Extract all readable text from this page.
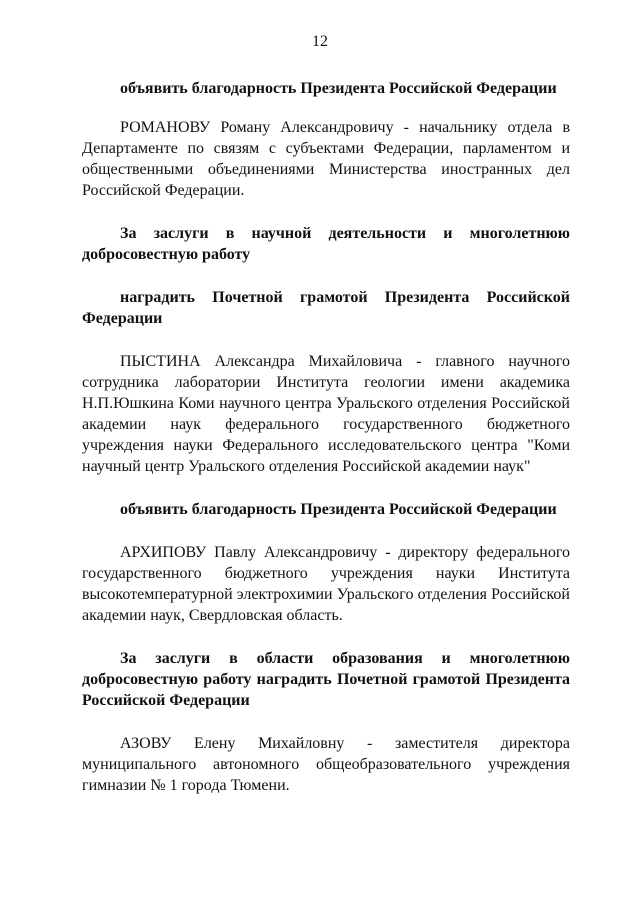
12

объявить благодарность Президента Российской Федерации

РОМАНОВУ Роману Александровичу - начальнику отдела в Департаменте по связям с субъектами Федерации, парламентом и общественными объединениями Министерства иностранных дел Российской Федерации.

За заслуги в научной деятельности и многолетнюю добросовестную работу

наградить Почетной грамотой Президента Российской Федерации

ПЫСТИНА Александра Михайловича - главного научного сотрудника лаборатории Института геологии имени академика Н.П.Юшкина Коми научного центра Уральского отделения Российской академии наук федерального государственного бюджетного учреждения науки Федерального исследовательского центра "Коми научный центр Уральского отделения Российской академии наук"

объявить благодарность Президента Российской Федерации

АРХИПОВУ Павлу Александровичу - директору федерального государственного бюджетного учреждения науки Института высокотемпературной электрохимии Уральского отделения Российской академии наук, Свердловская область.

За заслуги в области образования и многолетнюю добросовестную работу наградить Почетной грамотой Президента Российской Федерации

АЗОВУ Елену Михайловну - заместителя директора муниципального автономного общеобразовательного учреждения гимназии № 1 города Тюмени.
